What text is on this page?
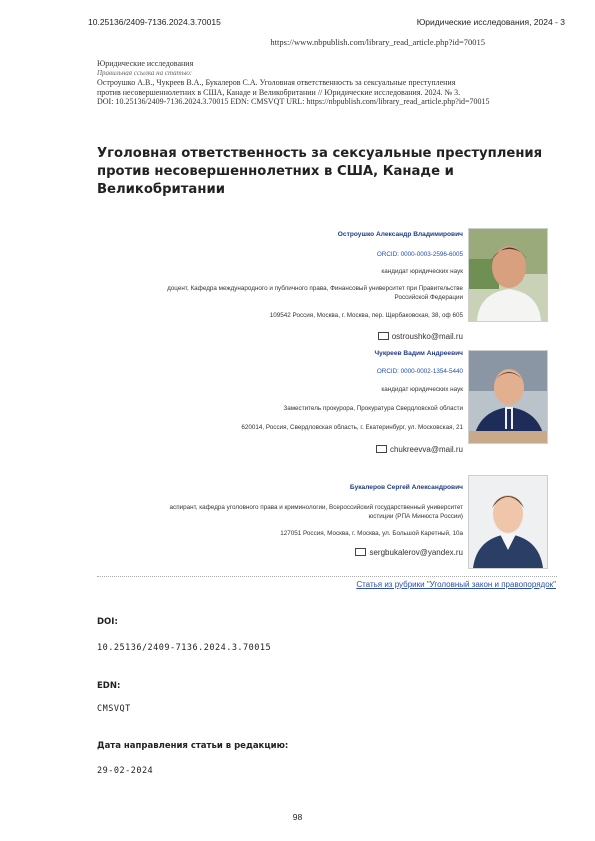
10.25136/2409-7136.2024.3.70015	Юридические исследования, 2024 - 3
https://www.nbpublish.com/library_read_article.php?id=70015
Юридические исследования
Правильная ссылка на статью:
Остроушко А.В., Чукреев В.А., Букалеров С.А. Уголовная ответственность за сексуальные преступления
против несовершеннолетних в США, Канаде и Великобритании // Юридические исследования. 2024. № 3.
DOI: 10.25136/2409-7136.2024.3.70015 EDN: CMSVQT URL: https://nbpublish.com/library_read_article.php?id=70015
Уголовная ответственность за сексуальные преступления
против несовершеннолетних в США, Канаде и
Великобритании
Остроушко Александр Владимирович
ORCID: 0000-0003-2596-6005
кандидат юридических наук
доцент, Кафедра международного и публичного права, Финансовый университет при Правительстве
Российской Федерации
109542 Россия, Москва, г. Москва, пер. Щербаковская, 38, оф 605
ostroushko@mail.ru
Чукреев Вадим Андреевич
ORCID: 0000-0002-1354-5440
кандидат юридических наук
Заместитель прокурора, Прокуратура Свердловской области
620014, Россия, Свердловская область, г. Екатеринбург, ул. Московская, 21
chukreevva@mail.ru
Букалеров Сергей Александрович
аспирант, кафедра уголовного права и криминологии, Всероссийский государственный университет
юстиции (РПА Минюста России)
127051 Россия, Москва, г. Москва, ул. Большой Каретный, 10а
sergbukalerov@yandex.ru
Статья из рубрики "Уголовный закон и правопорядок"
DOI:
10.25136/2409-7136.2024.3.70015
EDN:
CMSVQT
Дата направления статьи в редакцию:
29-02-2024
98
